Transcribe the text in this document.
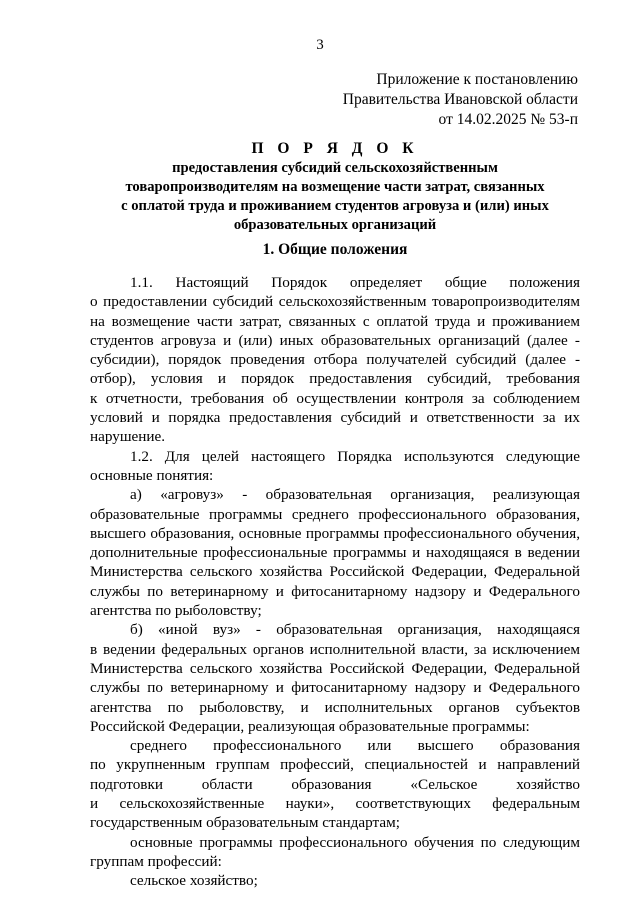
3
Приложение к постановлению
Правительства Ивановской области
от 14.02.2025 № 53-п
П О Р Я Д О К
предоставления субсидий сельскохозяйственным
товаропроизводителям на возмещение части затрат, связанных
с оплатой труда и проживанием студентов агровуза и (или) иных
образовательных организаций
1. Общие положения

1.1. Настоящий Порядок определяет общие положения

о предоставлении субсидий сельскохозяйственным товаропроизводителям

на возмещение части затрат, связанных с оплатой труда и проживанием

студентов агровуза и (или) иных образовательных организаций (далее -

субсидии), порядок проведения отбора получателей субсидий (далее -

отбор), условия и порядок предоставления субсидий, требования

к отчетности, требования об осуществлении контроля за соблюдением

условий и порядка предоставления субсидий и ответственности за их

нарушение.

1.2. Для целей настоящего Порядка используются следующие

основные понятия:

а) «агровуз» - образовательная организация, реализующая

образовательные программы среднего профессионального образования,

высшего образования, основные программы профессионального обучения,

дополнительные профессиональные программы и находящаяся в ведении

Министерства сельского хозяйства Российской Федерации, Федеральной

службы по ветеринарному и фитосанитарному надзору и Федерального

агентства по рыболовству;

б) «иной вуз» - образовательная организация, находящаяся

в ведении федеральных органов исполнительной власти, за исключением

Министерства сельского хозяйства Российской Федерации, Федеральной

службы по ветеринарному и фитосанитарному надзору и Федерального

агентства по рыболовству, и исполнительных органов субъектов

Российской Федерации, реализующая образовательные программы:

среднего профессионального или высшего образования

по укрупненным группам профессий, специальностей и направлений

подготовки области образования «Сельское хозяйство

и сельскохозяйственные науки», соответствующих федеральным

государственным образовательным стандартам;

основные программы профессионального обучения по следующим

группам профессий:

сельское хозяйство;
